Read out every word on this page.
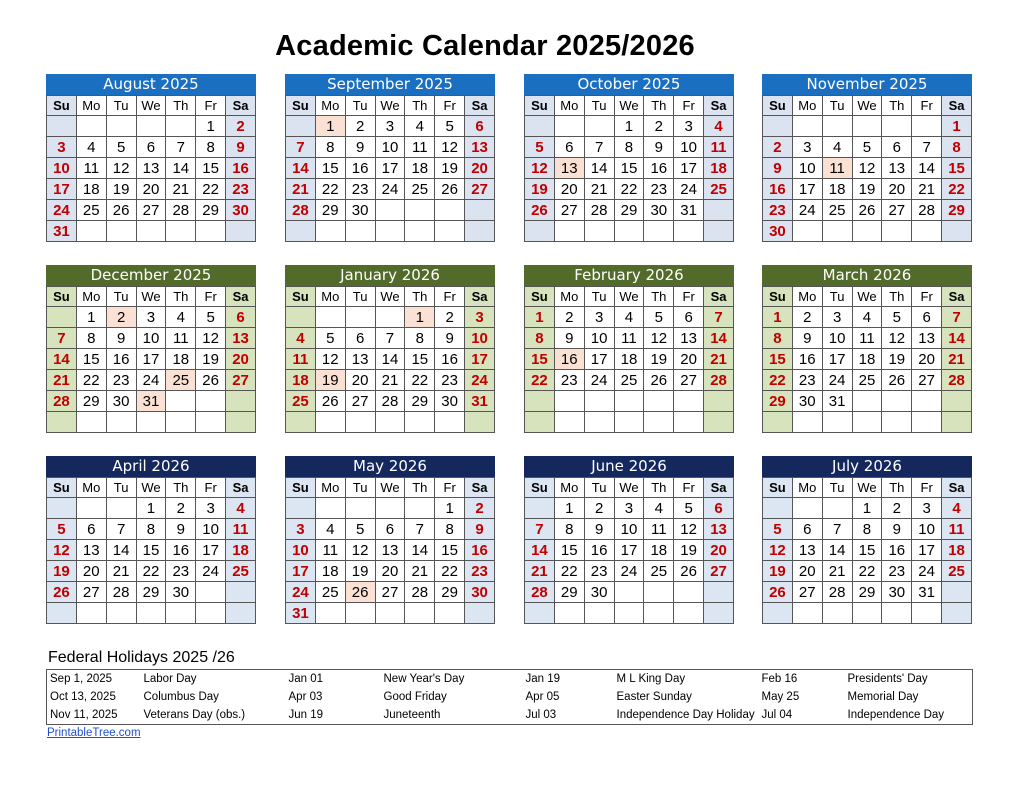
Academic Calendar 2025/2026
August 2025
Su	Mo	Tu	We	Th	Fr	Sa
					1	2
3	4	5	6	7	8	9
10	11	12	13	14	15	16
17	18	19	20	21	22	23
24	25	26	27	28	29	30
31						
September 2025
Su	Mo	Tu	We	Th	Fr	Sa
	1	2	3	4	5	6
7	8	9	10	11	12	13
14	15	16	17	18	19	20
21	22	23	24	25	26	27
28	29	30				

October 2025
Su	Mo	Tu	We	Th	Fr	Sa
			1	2	3	4
5	6	7	8	9	10	11
12	13	14	15	16	17	18
19	20	21	22	23	24	25
26	27	28	29	30	31	

November 2025
Su	Mo	Tu	We	Th	Fr	Sa
						1
2	3	4	5	6	7	8
9	10	11	12	13	14	15
16	17	18	19	20	21	22
23	24	25	26	27	28	29
30						
December 2025
Su	Mo	Tu	We	Th	Fr	Sa
	1	2	3	4	5	6
7	8	9	10	11	12	13
14	15	16	17	18	19	20
21	22	23	24	25	26	27
28	29	30	31			

January 2026
Su	Mo	Tu	We	Th	Fr	Sa
				1	2	3
4	5	6	7	8	9	10
11	12	13	14	15	16	17
18	19	20	21	22	23	24
25	26	27	28	29	30	31

February 2026
Su	Mo	Tu	We	Th	Fr	Sa
1	2	3	4	5	6	7
8	9	10	11	12	13	14
15	16	17	18	19	20	21
22	23	24	25	26	27	28

March 2026
Su	Mo	Tu	We	Th	Fr	Sa
1	2	3	4	5	6	7
8	9	10	11	12	13	14
15	16	17	18	19	20	21
22	23	24	25	26	27	28
29	30	31				

April 2026
Su	Mo	Tu	We	Th	Fr	Sa
			1	2	3	4
5	6	7	8	9	10	11
12	13	14	15	16	17	18
19	20	21	22	23	24	25
26	27	28	29	30		

May 2026
Su	Mo	Tu	We	Th	Fr	Sa
					1	2
3	4	5	6	7	8	9
10	11	12	13	14	15	16
17	18	19	20	21	22	23
24	25	26	27	28	29	30
31						
June 2026
Su	Mo	Tu	We	Th	Fr	Sa
	1	2	3	4	5	6
7	8	9	10	11	12	13
14	15	16	17	18	19	20
21	22	23	24	25	26	27
28	29	30				

July 2026
Su	Mo	Tu	We	Th	Fr	Sa
			1	2	3	4
5	6	7	8	9	10	11
12	13	14	15	16	17	18
19	20	21	22	23	24	25
26	27	28	29	30	31	

Federal Holidays 2025 /26
Sep 1, 2025	Labor Day	Jan 01	New Year's Day	Jan 19	M L King Day	Feb 16	Presidents' Day
Oct 13, 2025	Columbus Day	Apr 03	Good Friday	Apr 05	Easter Sunday	May 25	Memorial Day
Nov 11, 2025	Veterans Day (obs.)	Jun 19	Juneteenth	Jul 03	Independence Day Holiday	Jul 04	Independence Day
PrintableTree.com
